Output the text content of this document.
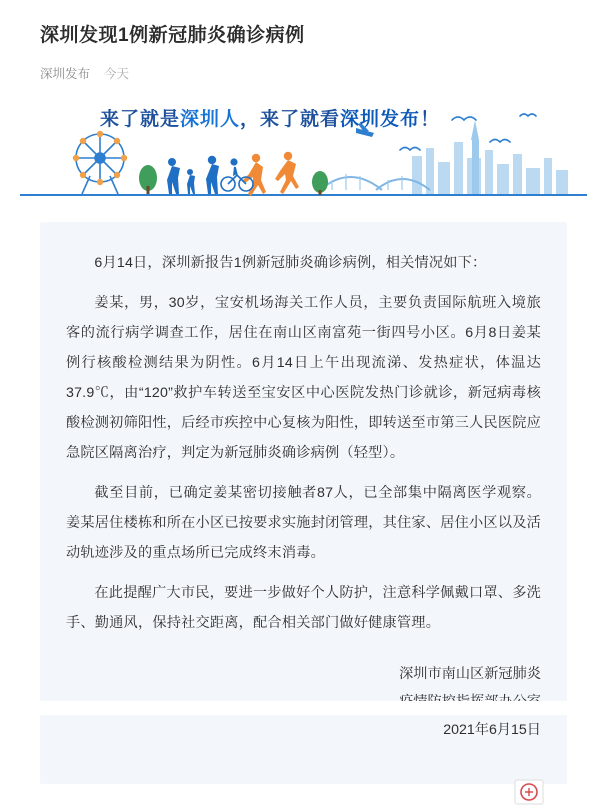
深圳发现1例新冠肺炎确诊病例
深圳发布 今天
来了就是深圳人，来了就看深圳发布！

6月14日，深圳新报告1例新冠肺炎确诊病例，相关情况如下：

姜某，男，30岁，宝安机场海关工作人员，主要负责国际航班入境旅客的流行病学调查工作，居住在南山区南富苑一街四号小区。6月8日姜某例行核酸检测结果为阴性。6月14日上午出现流涕、发热症状，体温达37.9℃，由“120”救护车转送至宝安区中心医院发热门诊就诊，新冠病毒核酸检测初筛阳性，后经市疾控中心复核为阳性，即转送至市第三人民医院应急院区隔离治疗，判定为新冠肺炎确诊病例（轻型）。

截至目前，已确定姜某密切接触者87人，已全部集中隔离医学观察。姜某居住楼栋和所在小区已按要求实施封闭管理，其住家、居住小区以及活动轨迹涉及的重点场所已完成终末消毒。

在此提醒广大市民，要进一步做好个人防护，注意科学佩戴口罩、多洗手、勤通风，保持社交距离，配合相关部门做好健康管理。

深圳市南山区新冠肺炎
2021年6月15日
